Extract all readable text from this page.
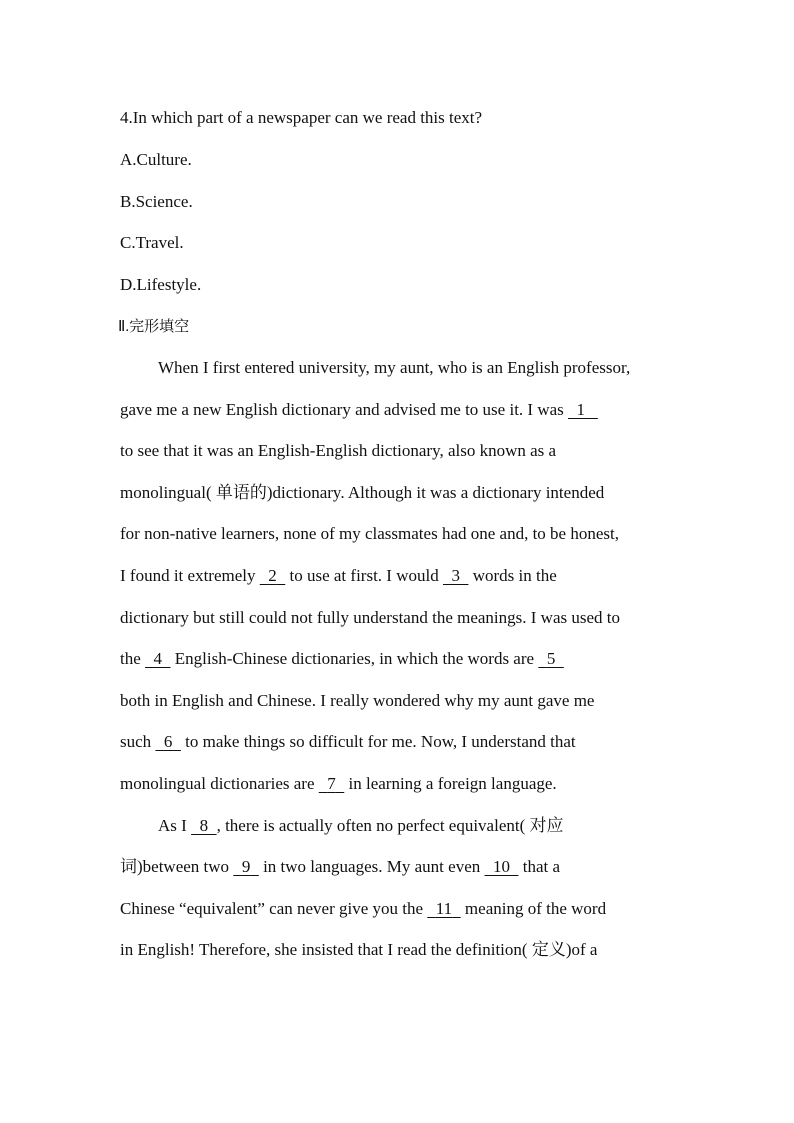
4.In which part of a newspaper can we read this text?
A.Culture.
B.Science.
C.Travel.
D.Lifestyle.
Ⅱ.完形填空
When I first entered university, my aunt, who is an English professor,
gave me a new English dictionary and advised me to use it. I was   1
to see that it was an English-English dictionary, also known as a
monolingual( 单语的)dictionary. Although it was a dictionary intended
for non-native learners, none of my classmates had one and, to be honest,
I found it extremely   2   to use at first. I would   3   words in the
dictionary but still could not fully understand the meanings. I was used to
the   4   English-Chinese dictionaries, in which the words are   5
both in English and Chinese. I really wondered why my aunt gave me
such   6   to make things so difficult for me. Now, I understand that
monolingual dictionaries are   7   in learning a foreign language.
As I   8 , there is actually often no perfect equivalent( 对应
词)between two   9   in two languages. My aunt even   10   that a
Chinese “equivalent” can never give you the   11   meaning of the word
in English! Therefore, she insisted that I read the definition( 定义)of a
